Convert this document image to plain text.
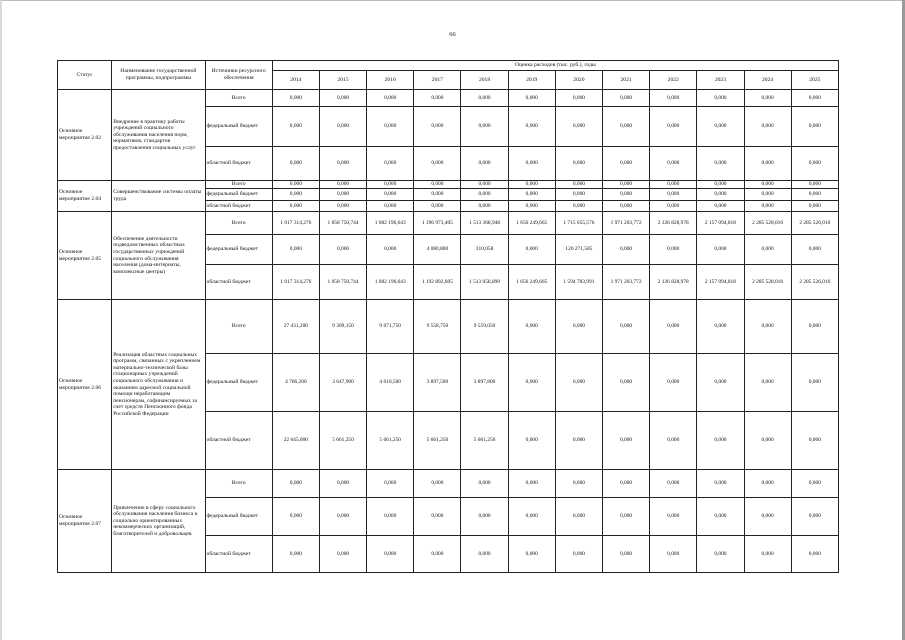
66
Статус	Наименование государственной программы, подпрограммы	Источники ресурсного обеспечения	Оценка расходов (тыс. руб.), годы											
			2014	2015	2016	2017	2018	2019	2020	2021	2022	2023	2024	2025
Основное мероприятие 2.02	Внедрение в практику работы учреждений социального обслуживания населения норм, нормативов, стандартов предоставления социальных услуг	Всего	0,000	0,000	0,000	0,000	0,000	0,000	0,000	0,000	0,000	0,000	0,000	0,000
		федеральный бюджет	0,000	0,000	0,000	0,000	0,000	0,000	0,000	0,000	0,000	0,000	0,000	0,000
		областной бюджет	0,000	0,000	0,000	0,000	0,000	0,000	0,000	0,000	0,000	0,000	0,000	0,000
Основное мероприятие 2.04	Совершенствование системы оплаты труда	Всего	0,000	0,000	0,000	0,000	0,000	0,000	0,000	0,000	0,000	0,000	0,000	0,000
		федеральный бюджет	0,000	0,000	0,000	0,000	0,000	0,000	0,000	0,000	0,000	0,000	0,000	0,000
		областной бюджет	0,000	0,000	0,000	0,000	0,000	0,000	0,000	0,000	0,000	0,000	0,000	0,000
Основное мероприятие 2.05	Обеспечение деятельности подведомственных областных государственных учреждений социального обслуживания населения (дома-интернаты, комплексные центры)	Всего	1 017 314,276	1 058 750,744	1 082 196,643	1 196 973,405	1 513 368,948	1 656 249,665	1 715 055,576	1 971 203,772	2 126 828,978	2 157 094,818	2 285 528,016	2 285 526,016
		федеральный бюджет	0,000	0,000	0,000	4 080,800	310,058	0,000	120 271,585	0,000	0,000	0,000	0,000	0,000
		областной бюджет	1 017 314,276	1 058 750,744	1 082 196,643	1 192 892,605	1 513 058,890	1 656 249,665	1 594 783,991	1 971 203,772	2 126 828,978	2 157 094,818	2 285 528,016	2 285 526,016
Основное мероприятие 2.06	Реализация областных социальных программ, связанных с укреплением материально-технической базы стационарных учреждений социального обслуживания и оказанием адресной социальной помощи неработающим пенсионерам, софинансируемых за счет средств Пенсионного фонда Российской Федерации	Всего	27 431,200	9 309,150	9 671,750	9 558,750	9 559,050	0,000	0,000	0,000	0,000	0,000	0,000	0,000
		федеральный бюджет	4 786,200	3 647,900	4 010,500	3 897,500	3 897,800	0,000	0,000	0,000	0,000	0,000	0,000	0,000
		областной бюджет	22 645,000	5 661,250	5 661,250	5 661,250	5 661,250	0,000	0,000	0,000	0,000	0,000	0,000	0,000
Основное мероприятие 2.07	Привлечение в сферу социального обслуживания населения бизнеса и социально ориентированных некоммерческих организаций, благотворителей и добровольцев	Всего	0,000	0,000	0,000	0,000	0,000	0,000	0,000	0,000	0,000	0,000	0,000	0,000
		федеральный бюджет	0,000	0,000	0,000	0,000	0,000	0,000	0,000	0,000	0,000	0,000	0,000	0,000
		областной бюджет	0,000	0,000	0,000	0,000	0,000	0,000	0,000	0,000	0,000	0,000	0,000	0,000
